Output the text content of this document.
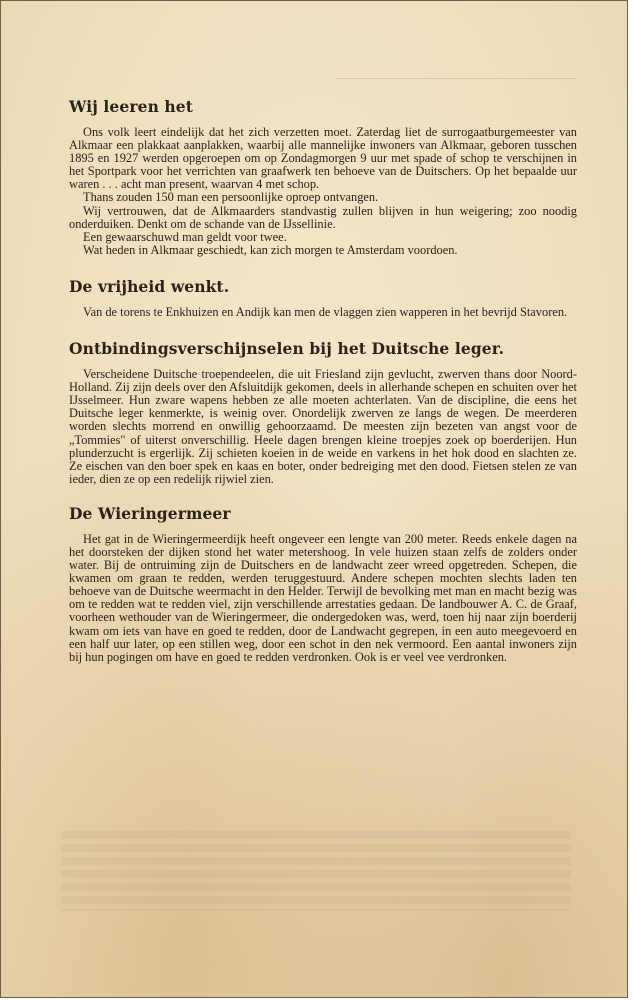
Wij leeren het

Ons volk leert eindelijk dat het zich verzetten moet. Zaterdag liet de surrogaatburgemeester van Alkmaar een plakkaat aanplakken, waarbij alle mannelijke inwoners van Alkmaar, geboren tusschen 1895 en 1927 werden opgeroepen om op Zondagmorgen 9 uur met spade of schop te verschijnen in het Sportpark voor het verrichten van graafwerk ten behoeve van de Duitschers. Op het bepaalde uur waren . . . acht man present, waarvan 4 met schop.

Thans zouden 150 man een persoonlijke oproep ontvangen.

Wij vertrouwen, dat de Alkmaarders standvastig zullen blijven in hun weigering; zoo noodig onderduiken. Denkt om de schande van de IJssellinie.

Een gewaarschuwd man geldt voor twee.

Wat heden in Alkmaar geschiedt, kan zich morgen te Amsterdam voordoen.

De vrijheid wenkt.

Van de torens te Enkhuizen en Andijk kan men de vlaggen zien wapperen in het bevrijd Stavoren.

Ontbindingsverschijnselen bij het Duitsche leger.

Verscheidene Duitsche troependeelen, die uit Friesland zijn gevlucht, zwerven thans door Noord-Holland. Zij zijn deels over den Afsluitdijk gekomen, deels in allerhande schepen en schuiten over het IJsselmeer. Hun zware wapens hebben ze alle moeten achterlaten. Van de discipline, die eens het Duitsche leger kenmerkte, is weinig over. Onordelijk zwerven ze langs de wegen. De meerderen worden slechts morrend en onwillig gehoorzaamd. De meesten zijn bezeten van angst voor de „Tommies" of uiterst onverschillig. Heele dagen brengen kleine troepjes zoek op boerderijen. Hun plunderzucht is ergerlijk. Zij schieten koeien in de weide en varkens in het hok dood en slachten ze. Ze eischen van den boer spek en kaas en boter, onder bedreiging met den dood. Fietsen stelen ze van ieder, dien ze op een redelijk rijwiel zien.

De Wieringermeer

Het gat in de Wieringermeerdijk heeft ongeveer een lengte van 200 meter. Reeds enkele dagen na het doorsteken der dijken stond het water metershoog. In vele huizen staan zelfs de zolders onder water. Bij de ontruiming zijn de Duitschers en de landwacht zeer wreed opgetreden. Schepen, die kwamen om graan te redden, werden teruggestuurd. Andere schepen mochten slechts laden ten behoeve van de Duitsche weermacht in den Helder. Terwijl de bevolking met man en macht bezig was om te redden wat te redden viel, zijn verschillende arrestaties gedaan. De landbouwer A. C. de Graaf, voorheen wethouder van de Wieringermeer, die ondergedoken was, werd, toen hij naar zijn boerderij kwam om iets van have en goed te redden, door de Landwacht gegrepen, in een auto meegevoerd en een half uur later, op een stillen weg, door een schot in den nek vermoord. Een aantal inwoners zijn bij hun pogingen om have en goed te redden verdronken. Ook is er veel vee verdronken.
